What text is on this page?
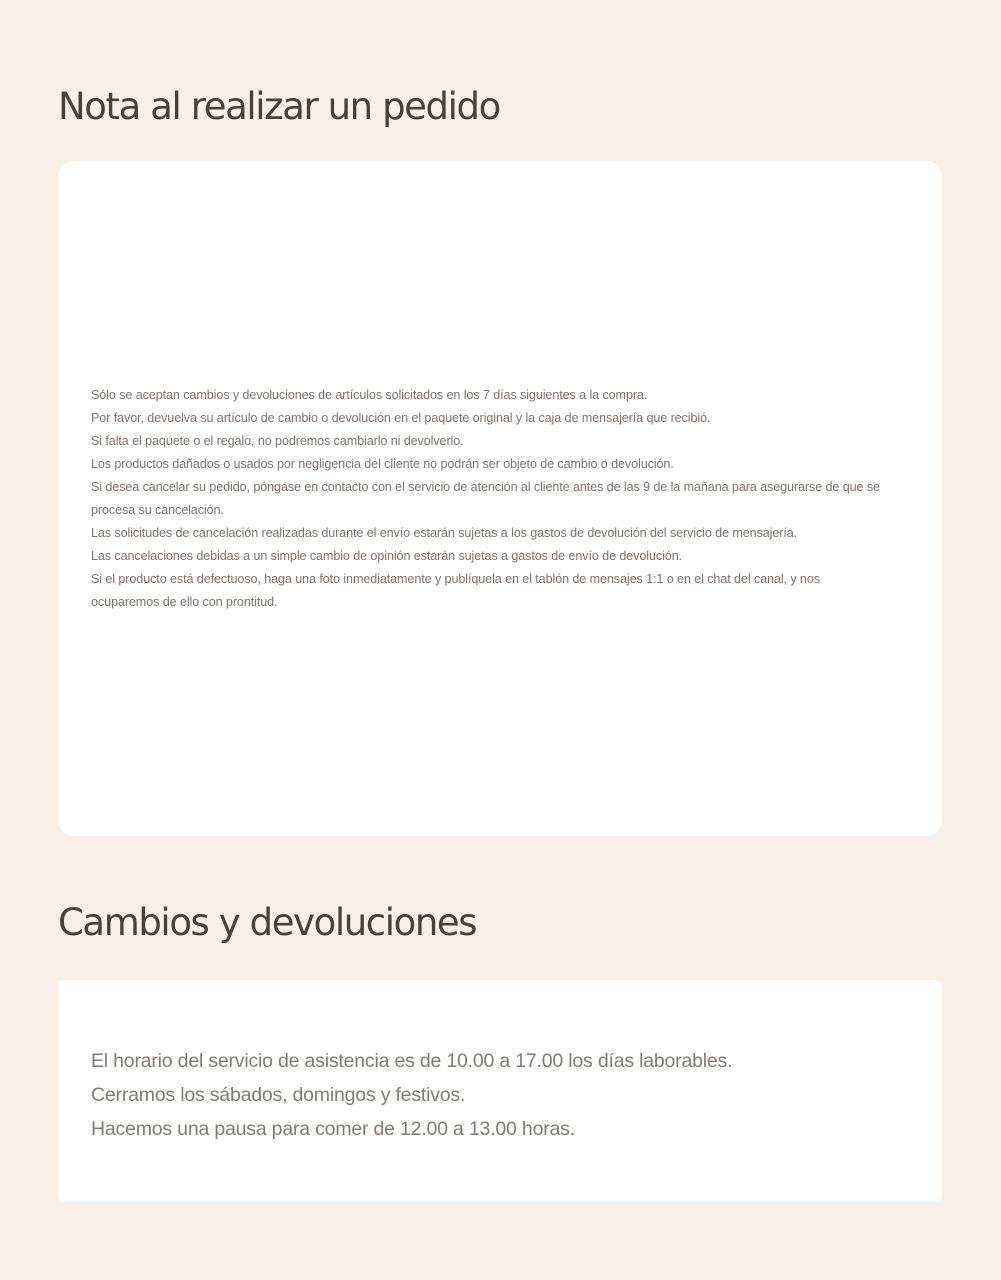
Nota al realizar un pedido
Sólo se aceptan cambios y devoluciones de artículos solicitados en los 7 días siguientes a la compra.
Por favor, devuelva su artículo de cambio o devolución en el paquete original y la caja de mensajería que recibió.
Si falta el paquete o el regalo, no podremos cambiarlo ni devolverlo.
Los productos dañados o usados por negligencia del cliente no podrán ser objeto de cambio o devolución.
Si desea cancelar su pedido, póngase en contacto con el servicio de atención al cliente antes de las 9 de la mañana para asegurarse de que se procesa su cancelación.
Las solicitudes de cancelación realizadas durante el envío estarán sujetas a los gastos de devolución del servicio de mensajería.
Las cancelaciones debidas a un simple cambio de opinión estarán sujetas a gastos de envío de devolución.
Si el producto está defectuoso, haga una foto inmediatamente y publíquela en el tablón de mensajes 1:1 o en el chat del canal, y nos ocuparemos de ello con prontitud.
Cambios y devoluciones
El horario del servicio de asistencia es de 10.00 a 17.00 los días laborables.
Cerramos los sábados, domingos y festivos.
Hacemos una pausa para comer de 12.00 a 13.00 horas.
